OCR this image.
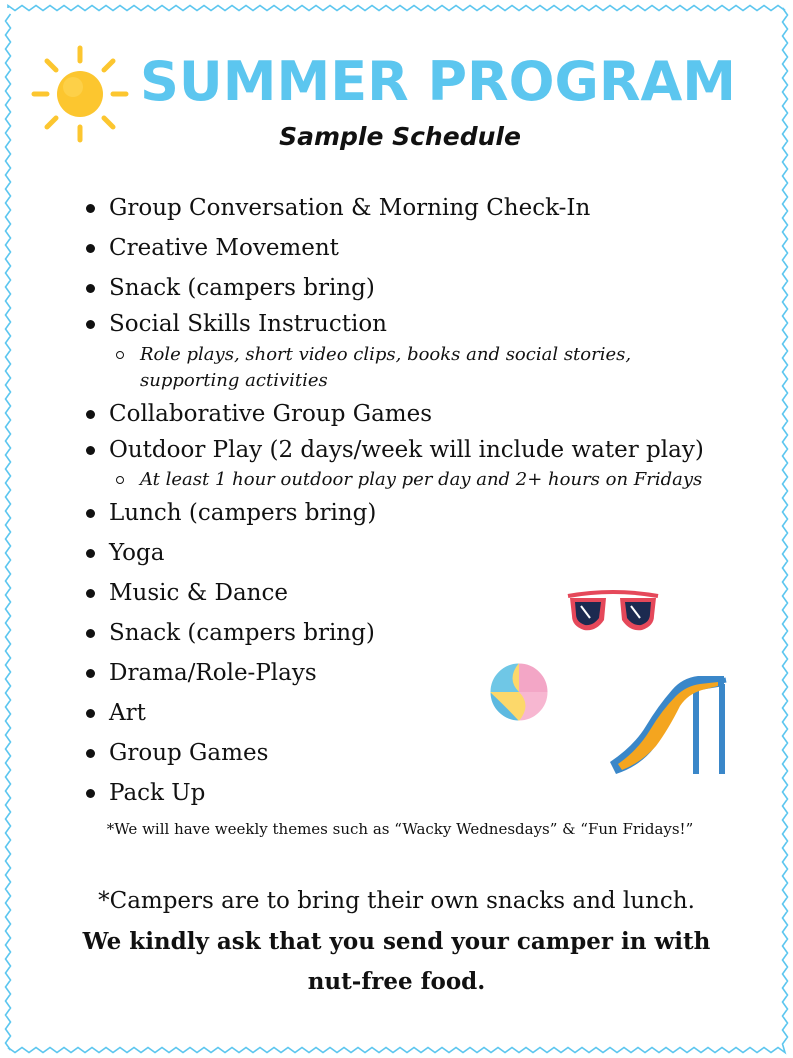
SUMMER PROGRAM
Sample Schedule
Group Conversation & Morning Check-In
Creative Movement
Snack (campers bring)
Social Skills Instruction
Role plays, short video clips, books and social stories,
supporting activities
Collaborative Group Games
Outdoor Play (2 days/week will include water play)
At least 1 hour outdoor play per day and 2+ hours on Fridays
Lunch (campers bring)
Yoga
Music & Dance
Snack (campers bring)
Drama/Role-Plays
Art
Group Games
Pack Up
*We will have weekly themes such as “Wacky Wednesdays” & “Fun Fridays!”
*Campers are to bring their own snacks and lunch.
We kindly ask that you send your camper in with
nut-free food.
